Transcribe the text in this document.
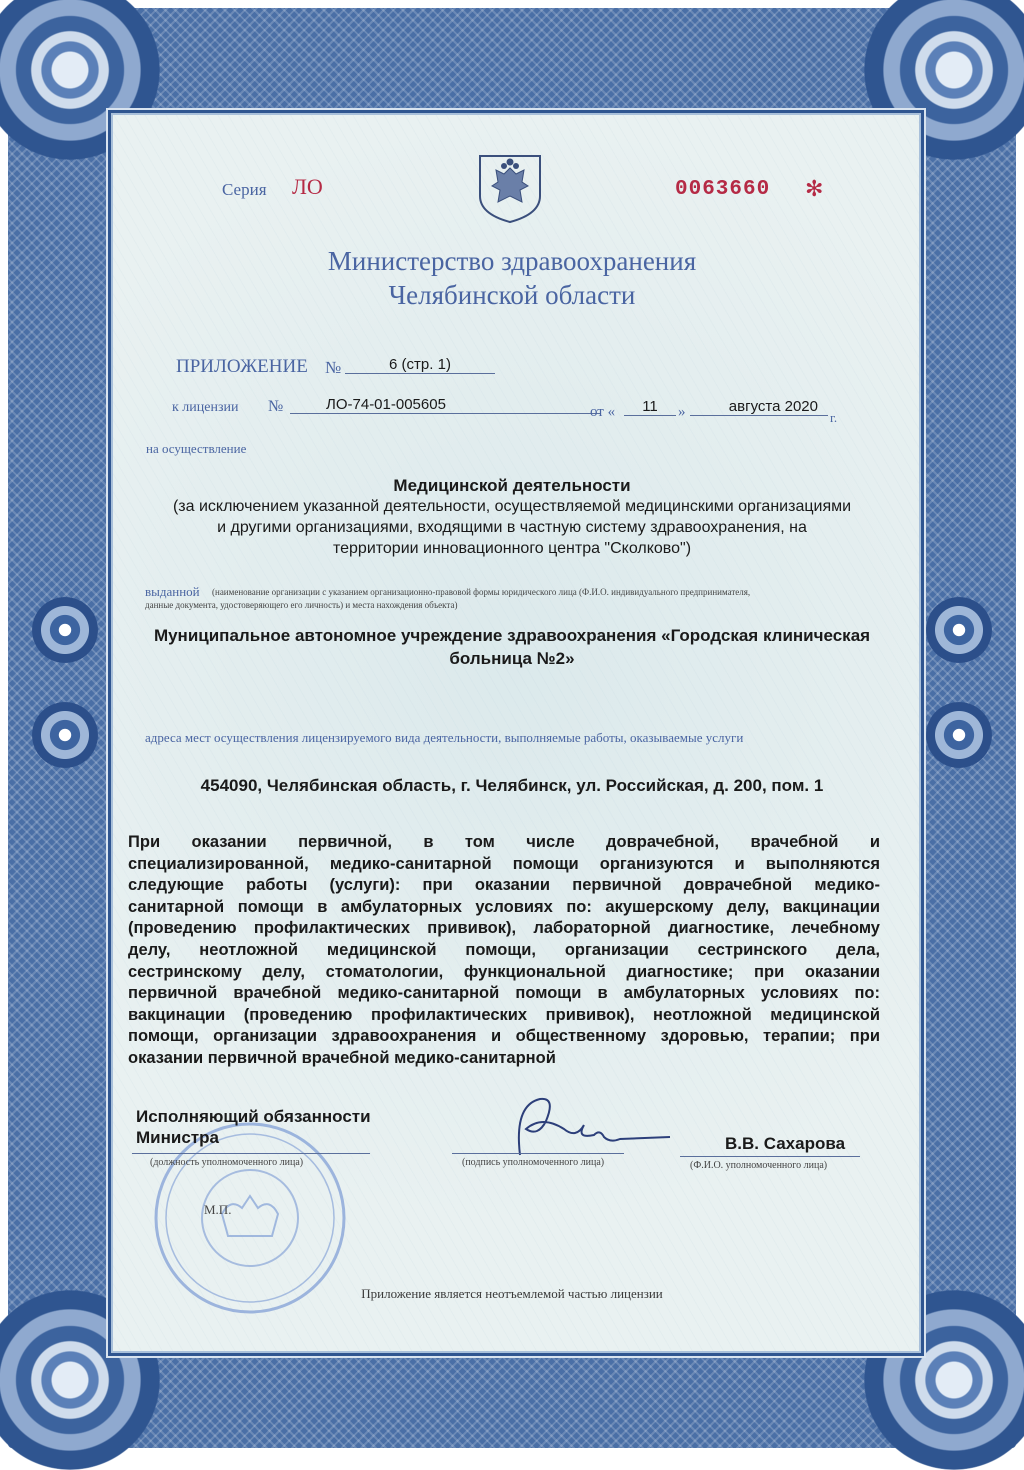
Серия ЛО	0063660 ✻
Министерство здравоохранения
Челябинской области
ПРИЛОЖЕНИЕ №	6 (стр. 1)
к лицензии №	ЛО-74-01-005605	от «	11	»	августа 2020
г.
на осуществление
Медицинской деятельности
(за исключением указанной деятельности, осуществляемой медицинскими организациями
и другими организациями, входящими в частную систему здравоохранения, на
территории инновационного центра "Сколково")
выданной (наименование организации с указанием организационно-правовой формы юридического лица (Ф.И.О. индивидуального предпринимателя,
данные документа, удостоверяющего его личность) и места нахождения объекта)
Муниципальное автономное учреждение здравоохранения «Городская клиническая
больница №2»
адреса мест осуществления лицензируемого вида деятельности, выполняемые работы, оказываемые услуги
454090, Челябинская область, г. Челябинск, ул. Российская, д. 200, пом. 1
При оказании первичной, в том числе доврачебной, врачебной и
специализированной, медико-санитарной помощи организуются и выполняются
следующие работы (услуги): при оказании первичной доврачебной медико-
санитарной помощи в амбулаторных условиях по: акушерскому делу, вакцинации
(проведению профилактических прививок), лабораторной диагностике, лечебному
делу, неотложной медицинской помощи, организации сестринского дела,
сестринскому делу, стоматологии, функциональной диагностике; при оказании
первичной врачебной медико-санитарной помощи в амбулаторных условиях по:
вакцинации (проведению профилактических прививок), неотложной медицинской
помощи, организации здравоохранения и общественному здоровью, терапии; при
оказании первичной врачебной медико-санитарной
Исполняющий обязанности
Министра
(должность уполномоченного лица)	(подпись уполномоченного лица)
В.В. Сахарова
(Ф.И.О. уполномоченного лица)
М.П.
Приложение является неотъемлемой частью лицензии
